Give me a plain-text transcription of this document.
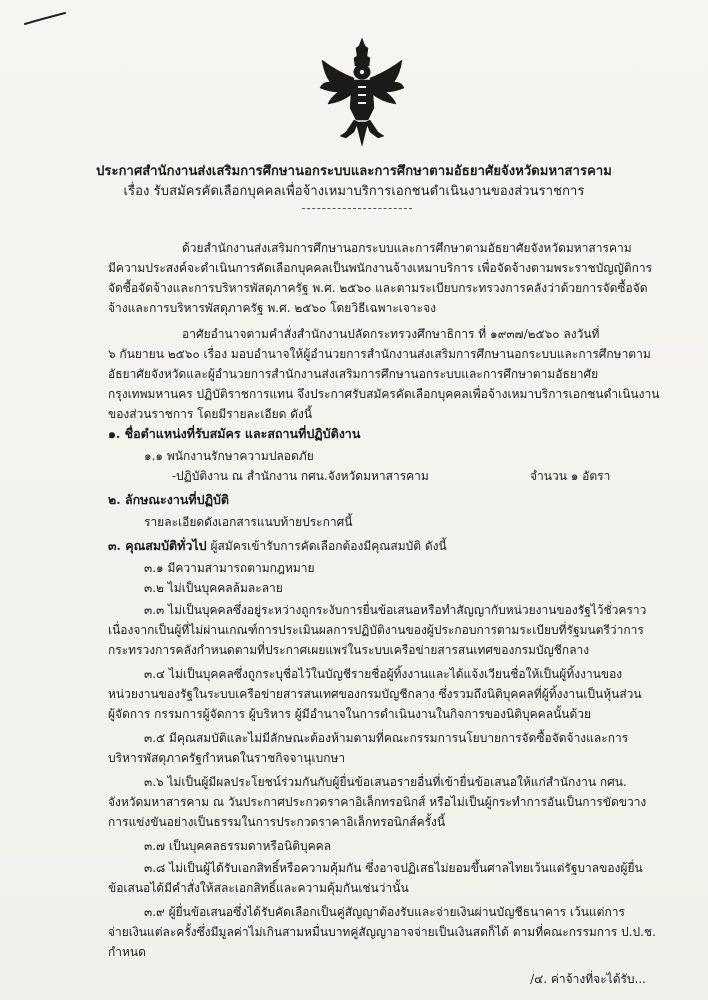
ประกาศสำนักงานส่งเสริมการศึกษานอกระบบและการศึกษาตามอัธยาศัยจังหวัดมหาสารคาม
เรื่อง รับสมัครคัดเลือกบุคคลเพื่อจ้างเหมาบริการเอกชนดำเนินงานของส่วนราชการ
ด้วยสำนักงานส่งเสริมการศึกษานอกระบบและการศึกษาตามอัธยาศัยจังหวัดมหาสารคาม
มีความประสงค์จะดำเนินการคัดเลือกบุคคลเป็นพนักงานจ้างเหมาบริการ เพื่อจัดจ้างตามพระราชบัญญัติการ
จัดซื้อจัดจ้างและการบริหารพัสดุภาครัฐ พ.ศ. ๒๕๖๐ และตามระเบียบกระทรวงการคลังว่าด้วยการจัดซื้อจัด
จ้างและการบริหารพัสดุภาครัฐ พ.ศ. ๒๕๖๐ โดยวิธีเฉพาะเจาะจง
อาศัยอำนาจตามคำสั่งสำนักงานปลัดกระทรวงศึกษาธิการ ที่ ๑๙๓๗/๒๕๖๐ ลงวันที่
๖ กันยายน ๒๕๖๐ เรื่อง มอบอำนาจให้ผู้อำนวยการสำนักงานส่งเสริมการศึกษานอกระบบและการศึกษาตาม
อัธยาศัยจังหวัดและผู้อำนวยการสำนักงานส่งเสริมการศึกษานอกระบบและการศึกษาตามอัธยาศัย
กรุงเทพมหานคร ปฏิบัติราชการแทน จึงประกาศรับสมัครคัดเลือกบุคคลเพื่อจ้างเหมาบริการเอกชนดำเนินงาน
ของส่วนราชการ โดยมีรายละเอียด ดังนี้
๑. ชื่อตำแหน่งที่รับสมัคร และสถานที่ปฏิบัติงาน
๑.๑ พนักงานรักษาความปลอดภัย
-ปฏิบัติงาน ณ สำนักงาน กศน.จังหวัดมหาสารคาม	จำนวน ๑ อัตรา
๒. ลักษณะงานที่ปฏิบัติ
รายละเอียดดังเอกสารแนบท้ายประกาศนี้
๓. คุณสมบัติทั่วไป ผู้สมัครเข้ารับการคัดเลือกต้องมีคุณสมบัติ ดังนี้
๓.๑ มีความสามารถตามกฎหมาย
๓.๒ ไม่เป็นบุคคลล้มละลาย
๓.๓ ไม่เป็นบุคคลซึ่งอยู่ระหว่างถูกระงับการยื่นข้อเสนอหรือทำสัญญากับหน่วยงานของรัฐไว้ชั่วคราว
เนื่องจากเป็นผู้ที่ไม่ผ่านเกณฑ์การประเมินผลการปฏิบัติงานของผู้ประกอบการตามระเบียบที่รัฐมนตรีว่าการ
กระทรวงการคลังกำหนดตามที่ประกาศเผยแพร่ในระบบเครือข่ายสารสนเทศของกรมบัญชีกลาง
๓.๔ ไม่เป็นบุคคลซึ่งถูกระบุชื่อไว้ในบัญชีรายชื่อผู้ทิ้งงานและได้แจ้งเวียนชื่อให้เป็นผู้ทิ้งงานของ
หน่วยงานของรัฐในระบบเครือข่ายสารสนเทศของกรมบัญชีกลาง ซึ่งรวมถึงนิติบุคคลที่ผู้ทิ้งงานเป็นหุ้นส่วน
ผู้จัดการ กรรมการผู้จัดการ ผู้บริหาร ผู้มีอำนาจในการดำเนินงานในกิจการของนิติบุคคลนั้นด้วย
๓.๕ มีคุณสมบัติและไม่มีลักษณะต้องห้ามตามที่คณะกรรมการนโยบายการจัดซื้อจัดจ้างและการ
บริหารพัสดุภาครัฐกำหนดในราชกิจจานุเบกษา
๓.๖ ไม่เป็นผู้มีผลประโยชน์ร่วมกันกับผู้ยื่นข้อเสนอรายอื่นที่เข้ายื่นข้อเสนอให้แก่สำนักงาน กศน.
จังหวัดมหาสารคาม ณ วันประกาศประกวดราคาอิเล็กทรอนิกส์ หรือไม่เป็นผู้กระทำการอันเป็นการขัดขวาง
การแข่งขันอย่างเป็นธรรมในการประกวดราคาอิเล็กทรอนิกส์ครั้งนี้
๓.๗ เป็นบุคคลธรรมดาหรือนิติบุคคล
๓.๘ ไม่เป็นผู้ได้รับเอกสิทธิ์หรือความคุ้มกัน ซึ่งอาจปฏิเสธไม่ยอมขึ้นศาลไทยเว้นแต่รัฐบาลของผู้ยื่น
ข้อเสนอได้มีคำสั่งให้สละเอกสิทธิ์และความคุ้มกันเช่นว่านั้น
๓.๙ ผู้ยื่นข้อเสนอซึ่งได้รับคัดเลือกเป็นคู่สัญญาต้องรับและจ่ายเงินผ่านบัญชีธนาคาร เว้นแต่การ
จ่ายเงินแต่ละครั้งซึ่งมีมูลค่าไม่เกินสามหมื่นบาทคู่สัญญาอาจจ่ายเป็นเงินสดก็ได้ ตามที่คณะกรรมการ ป.ป.ช.
กำหนด
/๔. ค่าจ้างที่จะได้รับ...
